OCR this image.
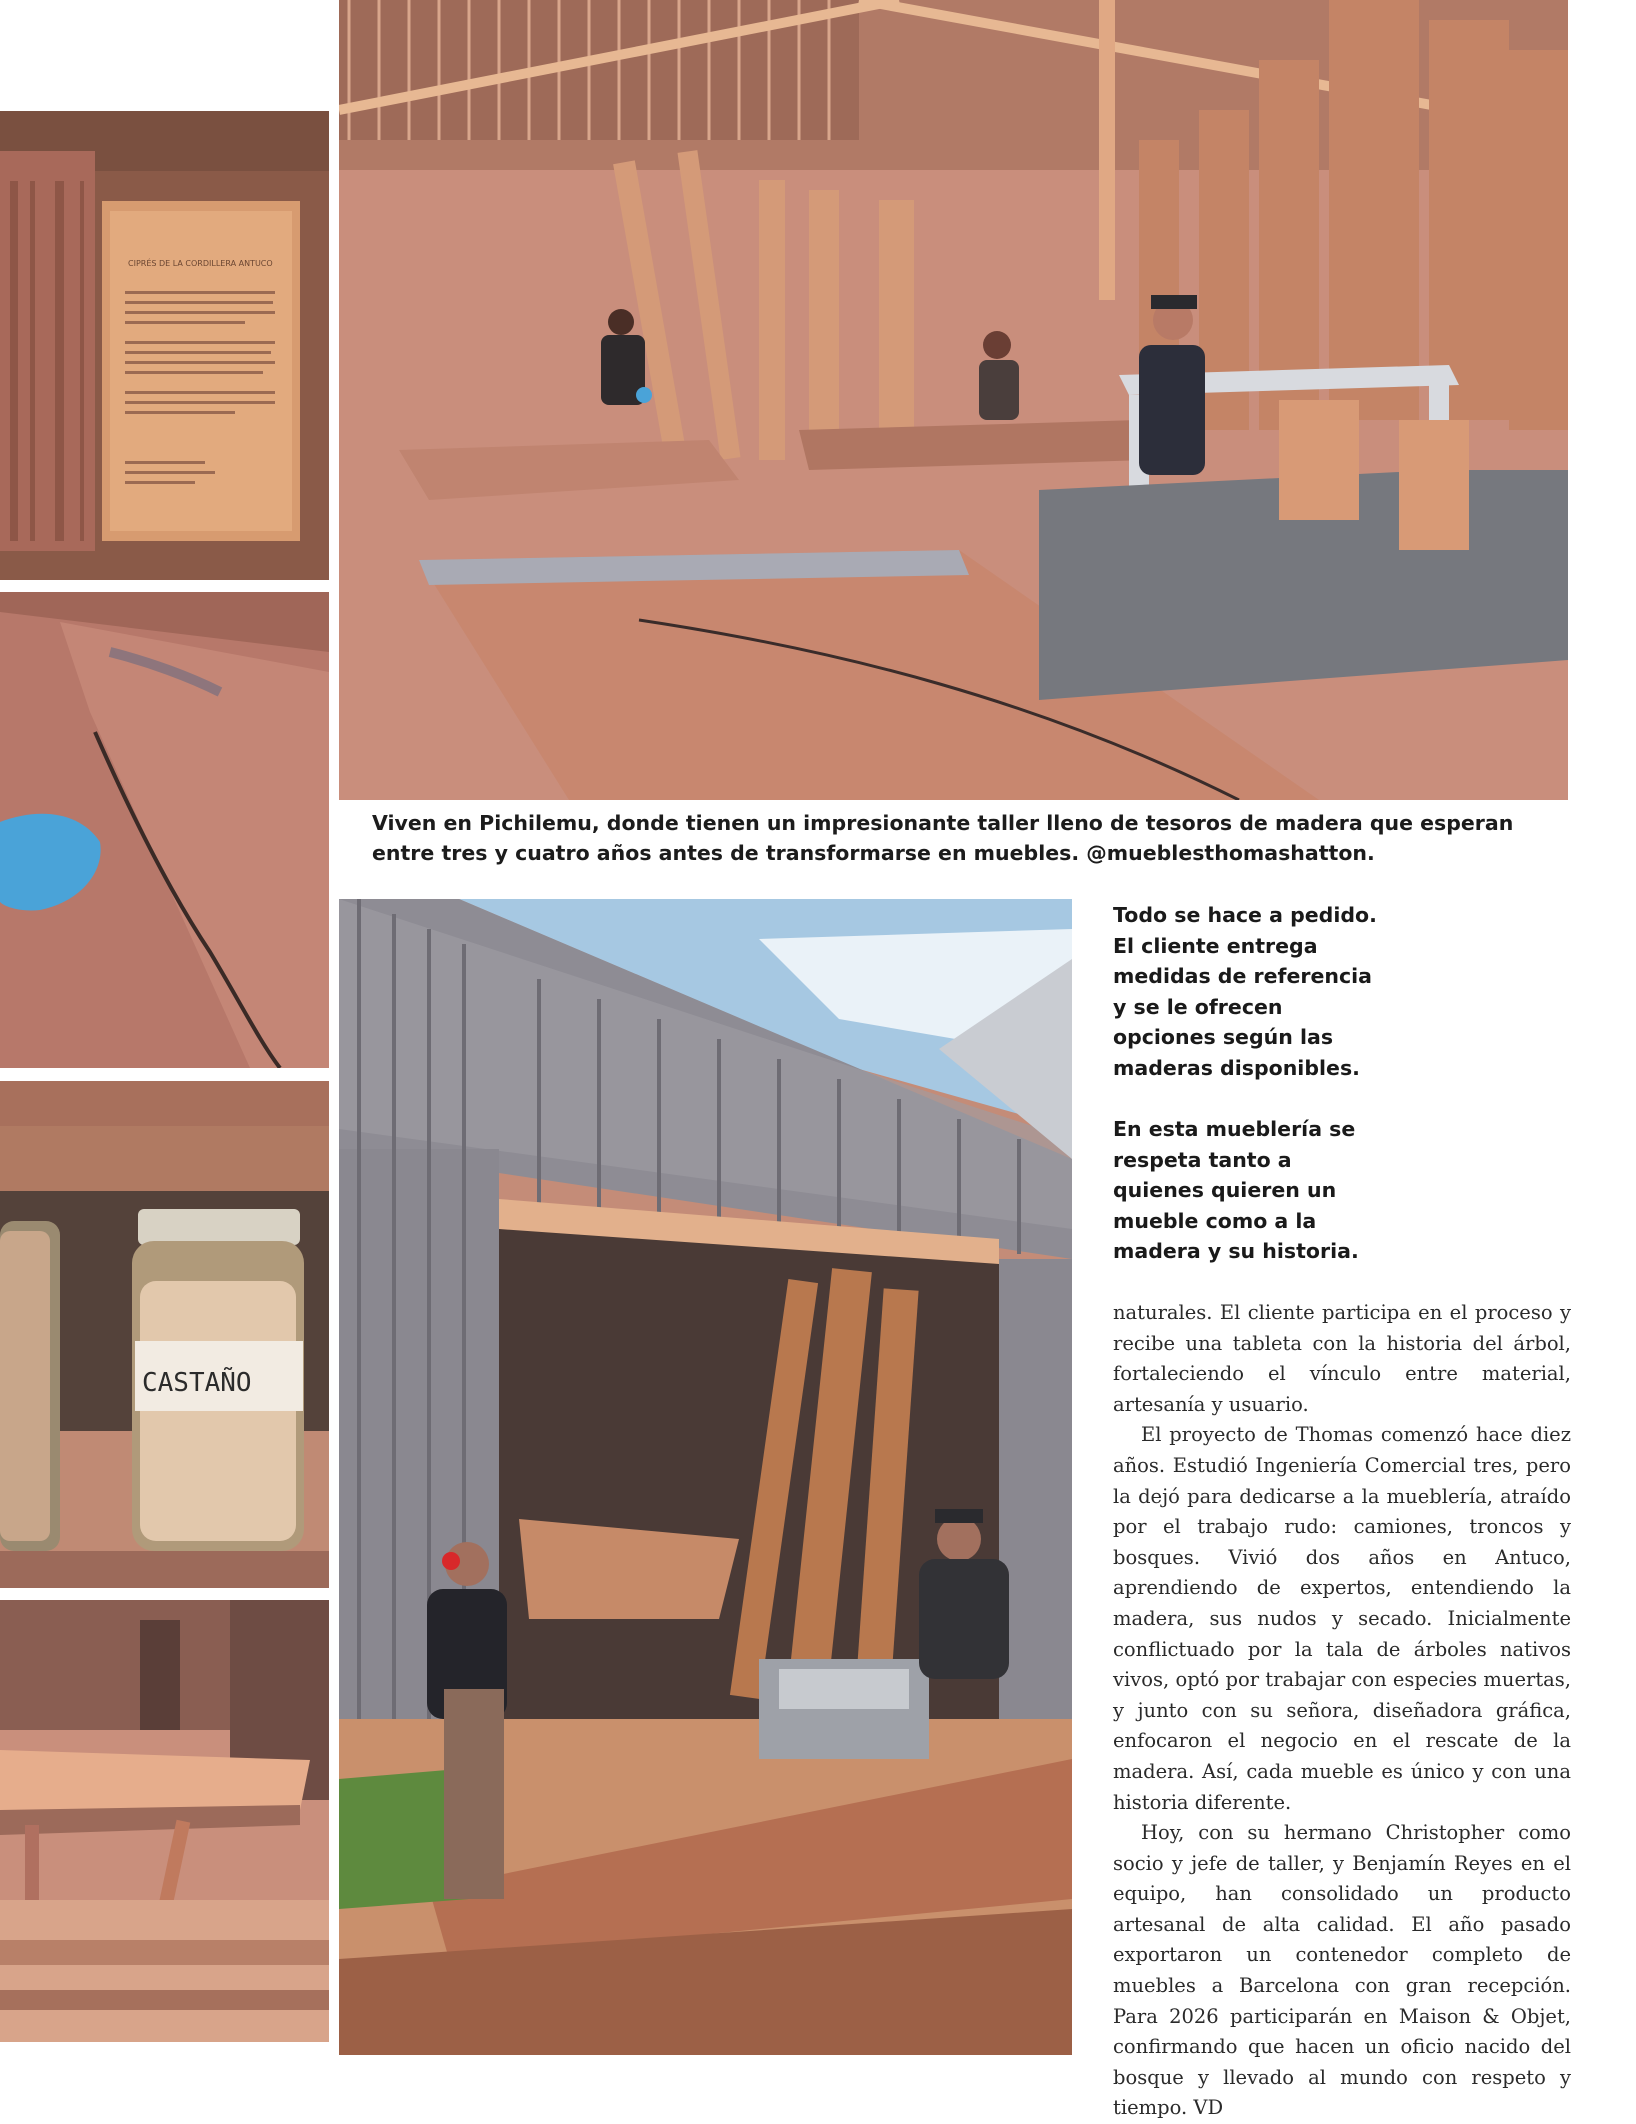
CIPRÉS DE LA CORDILLERA ANTUCO
CASTAÑO
Viven en Pichilemu, donde tienen un impresionante taller lleno de tesoros de madera que esperan entre tres y cuatro años antes de transformarse en muebles. @mueblesthomashatton.

Todo se hace a pedido. El cliente entrega medidas de referencia y se le ofrecen opciones según las maderas disponibles.

En esta mueblería se respeta tanto a quienes quieren un mueble como a la madera y su historia.

naturales. El cliente participa en el proceso y recibe una tableta con la historia del árbol, fortaleciendo el vínculo entre material, artesanía y usuario.

El proyecto de Thomas comenzó hace diez años. Estudió Ingeniería Comercial tres, pero la dejó para dedicarse a la mueblería, atraído por el trabajo rudo: camiones, troncos y bosques. Vivió dos años en Antuco, aprendiendo de expertos, entendiendo la madera, sus nudos y secado. Inicialmente conflictuado por la tala de árboles nativos vivos, optó por trabajar con especies muertas, y junto con su señora, diseñadora gráfica, enfocaron el negocio en el rescate de la madera. Así, cada mueble es único y con una historia diferente.

Hoy, con su hermano Christopher como socio y jefe de taller, y Benjamín Reyes en el equipo, han consolidado un producto artesanal de alta calidad. El año pasado exportaron un contenedor completo de muebles a Barcelona con gran recepción. Para 2026 participarán en Maison & Objet, confirmando que hacen un oficio nacido del bosque y llevado al mundo con respeto y tiempo. VD
